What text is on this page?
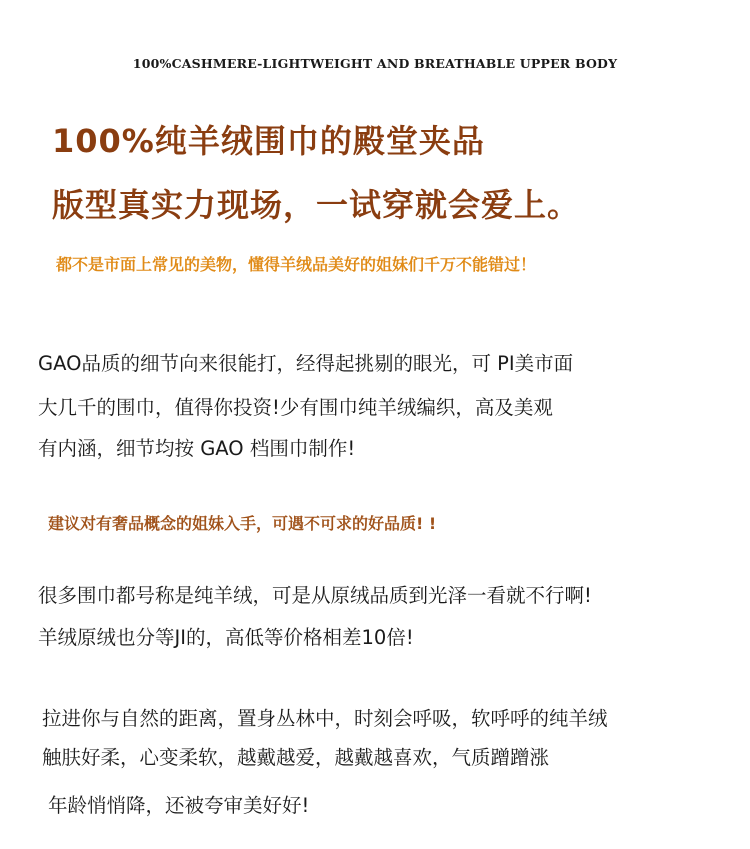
100%CASHMERE-LIGHTWEIGHT AND BREATHABLE UPPER BODY
100%纯羊绒围巾的殿堂夹品
版型真实力现场，一试穿就会爱上。
都不是市面上常见的美物，懂得羊绒品美好的姐妹们千万不能错过！
GAO品质的细节向来很能打，经得起挑剔的眼光，可 PI美市面
大几千的围巾，值得你投资!少有围巾纯羊绒编织，高及美观
有内涵，细节均按 GAO 档围巾制作!
建议对有奢品概念的姐妹入手，可遇不可求的好品质! !
很多围巾都号称是纯羊绒，可是从原绒品质到光泽一看就不行啊!
羊绒原绒也分等JI的，高低等价格相差10倍!
拉进你与自然的距离，置身丛林中，时刻会呼吸，软呼呼的纯羊绒
触肤好柔，心变柔软，越戴越爱，越戴越喜欢，气质蹭蹭涨
年龄悄悄降，还被夸审美好好!
